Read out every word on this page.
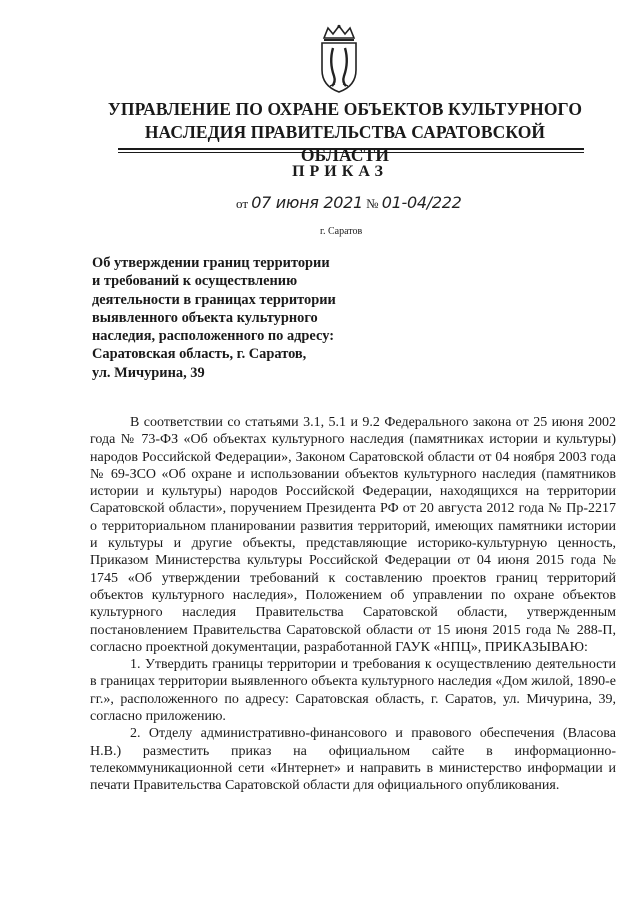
УПРАВЛЕНИЕ ПО ОХРАНЕ ОБЪЕКТОВ КУЛЬТУРНОГО
НАСЛЕДИЯ ПРАВИТЕЛЬСТВА САРАТОВСКОЙ ОБЛАСТИ
ПРИКАЗ
от 07 июня 2021 № 01-04/222
г. Саратов
Об утверждении границ территории
и требований к осуществлению
деятельности в границах территории
выявленного объекта культурного
наследия, расположенного по адресу:
Саратовская область, г. Саратов,
ул. Мичурина, 39

В соответствии со статьями 3.1, 5.1 и 9.2 Федерального закона от 25 июня 2002 года № 73-ФЗ «Об объектах культурного наследия (памятниках истории и культуры) народов Российской Федерации», Законом Саратовской области от 04 ноября 2003 года № 69-ЗСО «Об охране и использовании объектов культурного наследия (памятников истории и культуры) народов Российской Федерации, находящихся на территории Саратовской области», поручением Президента РФ от 20 августа 2012 года № Пр-2217 о территориальном планировании развития территорий, имеющих памятники истории и культуры и другие объекты, представляющие историко-культурную ценность, Приказом Министерства культуры Российской Федерации от 04 июня 2015 года № 1745 «Об утверждении требований к составлению проектов границ территорий объектов культурного наследия», Положением об управлении по охране объектов культурного наследия Правительства Саратовской области, утвержденным постановлением Правительства Саратовской области от 15 июня 2015 года № 288-П, согласно проектной документации, разработанной ГАУК «НПЦ», ПРИКАЗЫВАЮ:

1. Утвердить границы территории и требования к осуществлению деятельности в границах территории выявленного объекта культурного наследия «Дом жилой, 1890-е гг.», расположенного по адресу: Саратовская область, г. Саратов, ул. Мичурина, 39, согласно приложению.

2. Отделу административно-финансового и правового обеспечения (Власова Н.В.) разместить приказ на официальном сайте в информационно-телекоммуникационной сети «Интернет» и направить в министерство информации и печати Правительства Саратовской области для официального опубликования.
